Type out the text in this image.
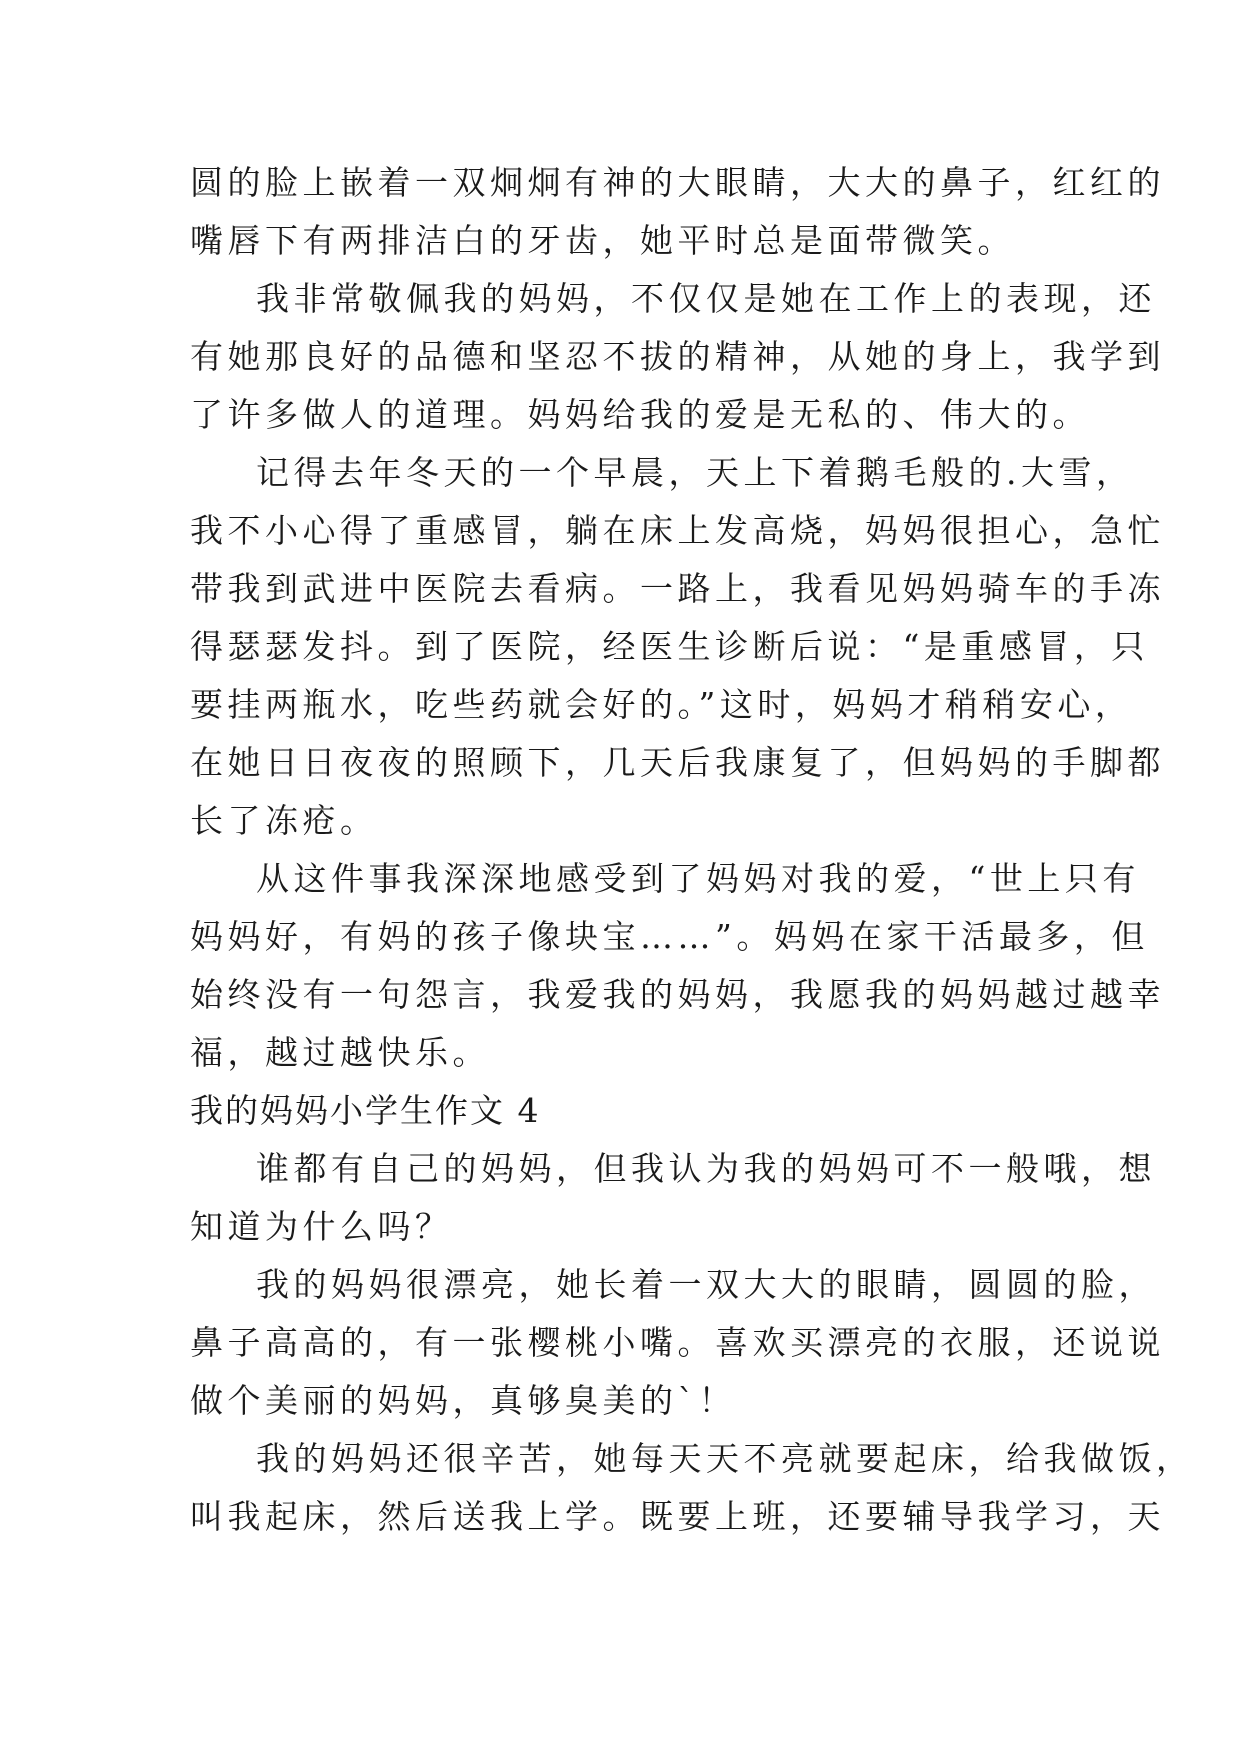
圆的脸上嵌着一双炯炯有神的大眼睛，大大的鼻子，红红的
嘴唇下有两排洁白的牙齿，她平时总是面带微笑。
我非常敬佩我的妈妈，不仅仅是她在工作上的表现，还
有她那良好的品德和坚忍不拔的精神，从她的身上，我学到
了许多做人的道理。妈妈给我的爱是无私的、伟大的。
记得去年冬天的一个早晨，天上下着鹅毛般的.大雪，
我不小心得了重感冒，躺在床上发高烧，妈妈很担心，急忙
带我到武进中医院去看病。一路上，我看见妈妈骑车的手冻
得瑟瑟发抖。到了医院，经医生诊断后说：“是重感冒，只
要挂两瓶水，吃些药就会好的。”这时，妈妈才稍稍安心，
在她日日夜夜的照顾下，几天后我康复了，但妈妈的手脚都
长了冻疮。
从这件事我深深地感受到了妈妈对我的爱，“世上只有
妈妈好，有妈的孩子像块宝……”。妈妈在家干活最多，但
始终没有一句怨言，我爱我的妈妈，我愿我的妈妈越过越幸
福，越过越快乐。
我的妈妈小学生作文 4
谁都有自己的妈妈，但我认为我的妈妈可不一般哦，想
知道为什么吗？
我的妈妈很漂亮，她长着一双大大的眼睛，圆圆的脸，
鼻子高高的，有一张樱桃小嘴。喜欢买漂亮的衣服，还说说
做个美丽的妈妈，真够臭美的`！
我的妈妈还很辛苦，她每天天不亮就要起床，给我做饭，
叫我起床，然后送我上学。既要上班，还要辅导我学习，天
